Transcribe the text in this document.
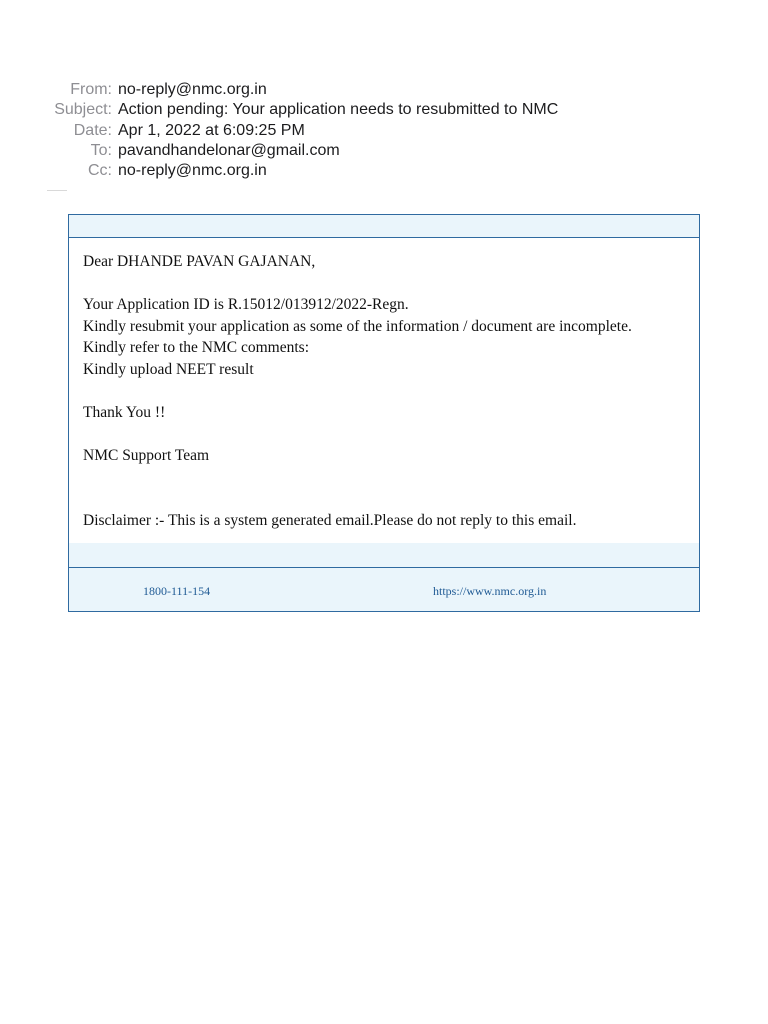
From: no-reply@nmc.org.in
Subject: Action pending: Your application needs to resubmitted to NMC
Date: Apr 1, 2022 at 6:09:25 PM
To: pavandhandelonar@gmail.com
Cc: no-reply@nmc.org.in

Dear DHANDE PAVAN GAJANAN,

Your Application ID is R.15012/013912/2022-Regn.

Kindly resubmit your application as some of the information / document are incomplete.

Kindly refer to the NMC comments:

Kindly upload NEET result

Thank You !!

NMC Support Team

Disclaimer :- This is a system generated email.Please do not reply to this email.

1800-111-154	https://www.nmc.org.in
